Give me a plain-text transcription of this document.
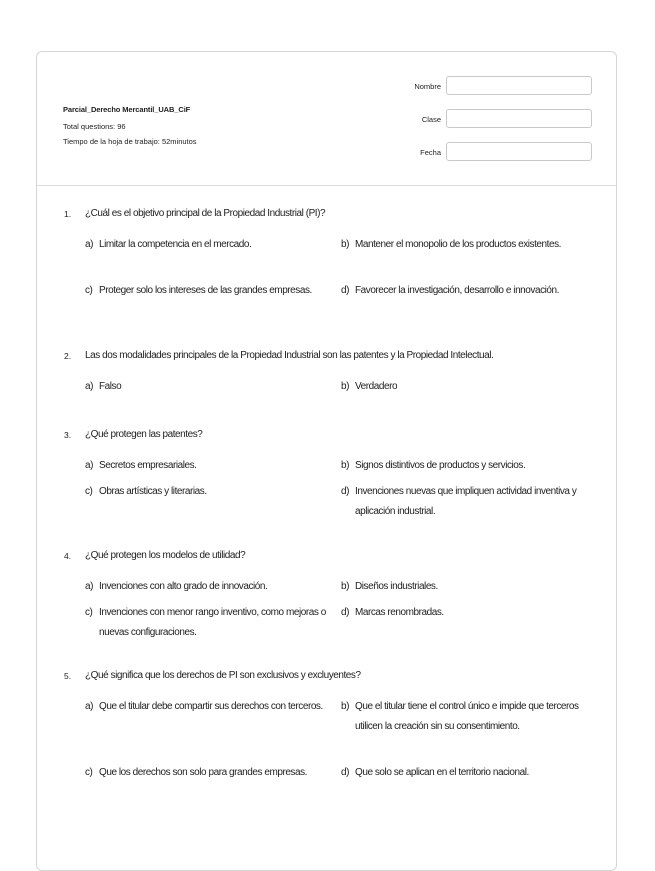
Parcial_Derecho Mercantil_UAB_CiF
Total questions: 96
Tiempo de la hoja de trabajo: 52minutos
Nombre
Clase
Fecha
1. ¿Cuál es el objetivo principal de la Propiedad Industrial (PI)?
a) Limitar la competencia en el mercado.	b) Mantener el monopolio de los productos existentes.
c) Proteger solo los intereses de las grandes empresas.	d) Favorecer la investigación, desarrollo e innovación.
2. Las dos modalidades principales de la Propiedad Industrial son las patentes y la Propiedad Intelectual.
a) Falso	b) Verdadero
3. ¿Qué protegen las patentes?
a) Secretos empresariales.	b) Signos distintivos de productos y servicios.
c) Obras artísticas y literarias.	d) Invenciones nuevas que impliquen actividad inventiva y aplicación industrial.
4. ¿Qué protegen los modelos de utilidad?
a) Invenciones con alto grado de innovación.	b) Diseños industriales.
c) Invenciones con menor rango inventivo, como mejoras o nuevas configuraciones.
d) Marcas renombradas.
5. ¿Qué significa que los derechos de PI son exclusivos y excluyentes?
a) Que el titular debe compartir sus derechos con terceros.	b) Que el titular tiene el control único e impide que terceros utilicen la creación sin su consentimiento.
c) Que los derechos son solo para grandes empresas.	d) Que solo se aplican en el territorio nacional.
